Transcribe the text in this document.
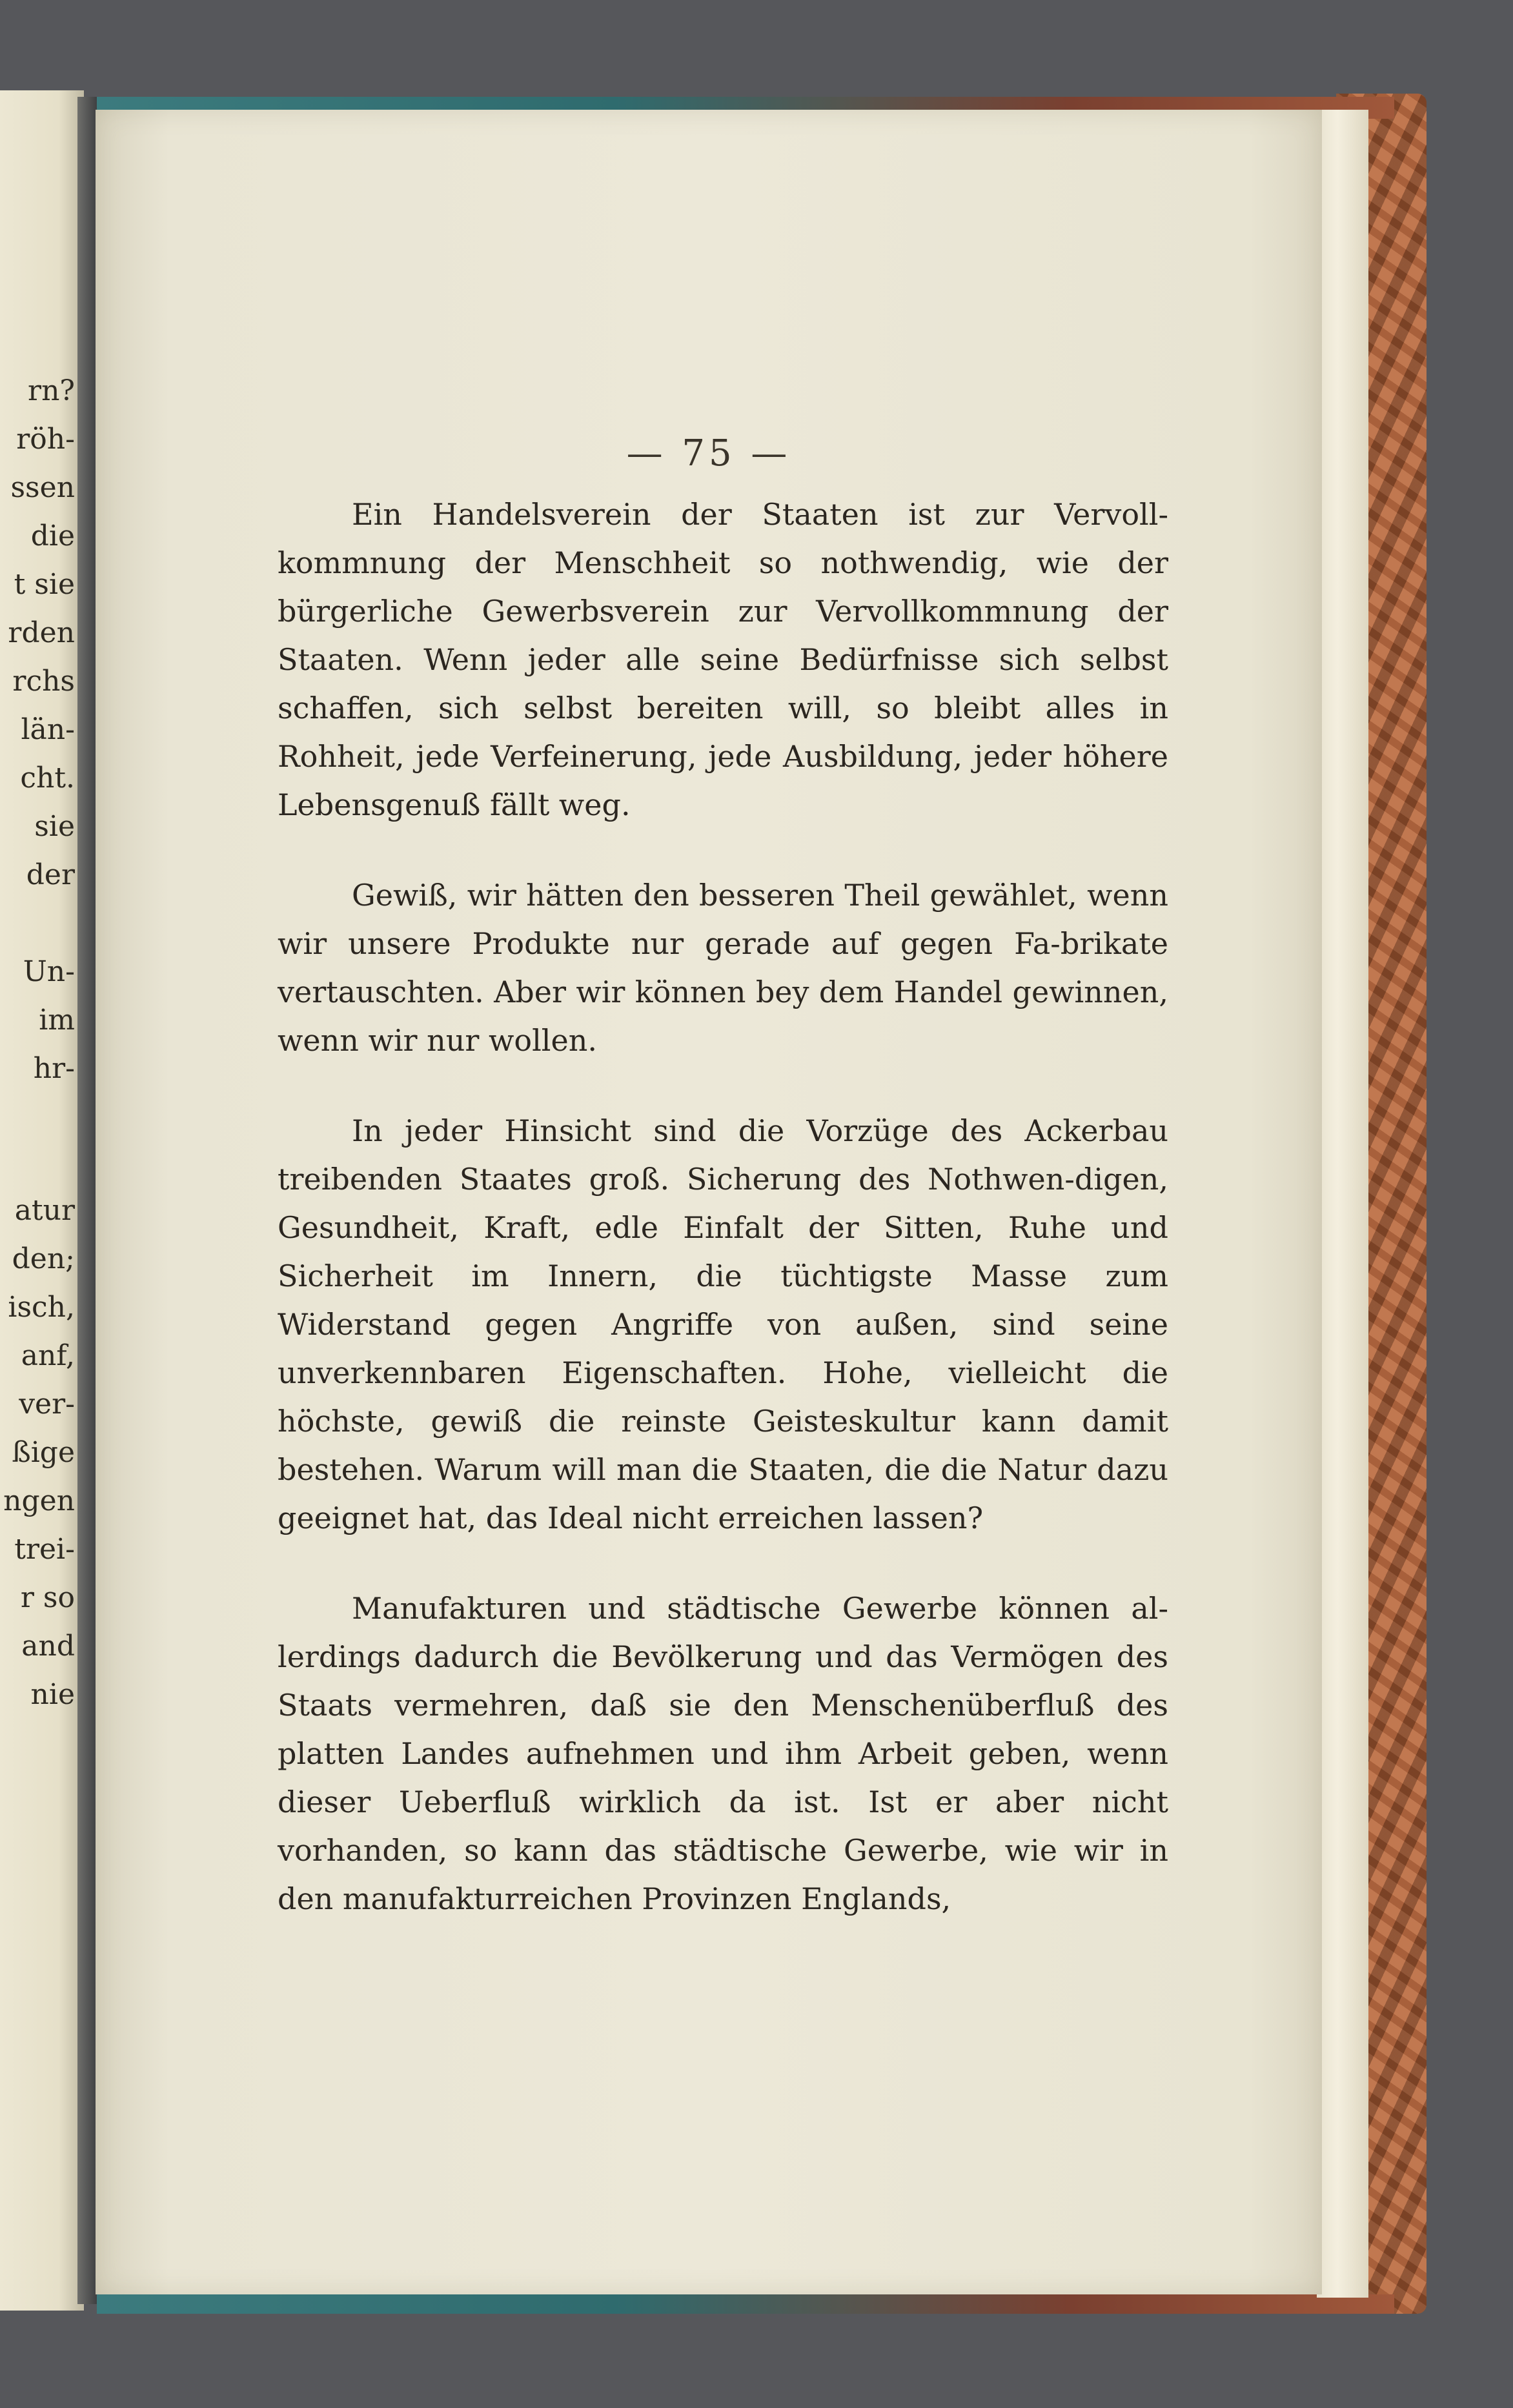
rn?
röh-
ssen
die
t sie
rden
rchs
län-
cht.
sie
der
Un-
im
hr-
atur
den;
isch,
anf,
ver-
ßige
ngen
trei-
r so
and
nie
— 75 —

Ein Handelsverein der Staaten ist zur Vervoll-kommnung der Menschheit so nothwendig, wie der bürgerliche Gewerbsverein zur Vervollkommnung der Staaten. Wenn jeder alle seine Bedürfnisse sich selbst schaffen, sich selbst bereiten will, so bleibt alles in Rohheit, jede Verfeinerung, jede Ausbildung, jeder höhere Lebensgenuß fällt weg.

Gewiß, wir hätten den besseren Theil gewählet, wenn wir unsere Produkte nur gerade auf gegen Fa-brikate vertauschten. Aber wir können bey dem Handel gewinnen, wenn wir nur wollen.

In jeder Hinsicht sind die Vorzüge des Ackerbau treibenden Staates groß. Sicherung des Nothwen-digen, Gesundheit, Kraft, edle Einfalt der Sitten, Ruhe und Sicherheit im Innern, die tüchtigste Masse zum Widerstand gegen Angriffe von außen, sind seine unverkennbaren Eigenschaften. Hohe, vielleicht die höchste, gewiß die reinste Geisteskultur kann damit bestehen. Warum will man die Staaten, die die Natur dazu geeignet hat, das Ideal nicht erreichen lassen?

Manufakturen und städtische Gewerbe können al-lerdings dadurch die Bevölkerung und das Vermögen des Staats vermehren, daß sie den Menschenüberfluß des platten Landes aufnehmen und ihm Arbeit geben, wenn dieser Ueberfluß wirklich da ist. Ist er aber nicht vorhanden, so kann das städtische Gewerbe, wie wir in den manufakturreichen Provinzen Englands,
